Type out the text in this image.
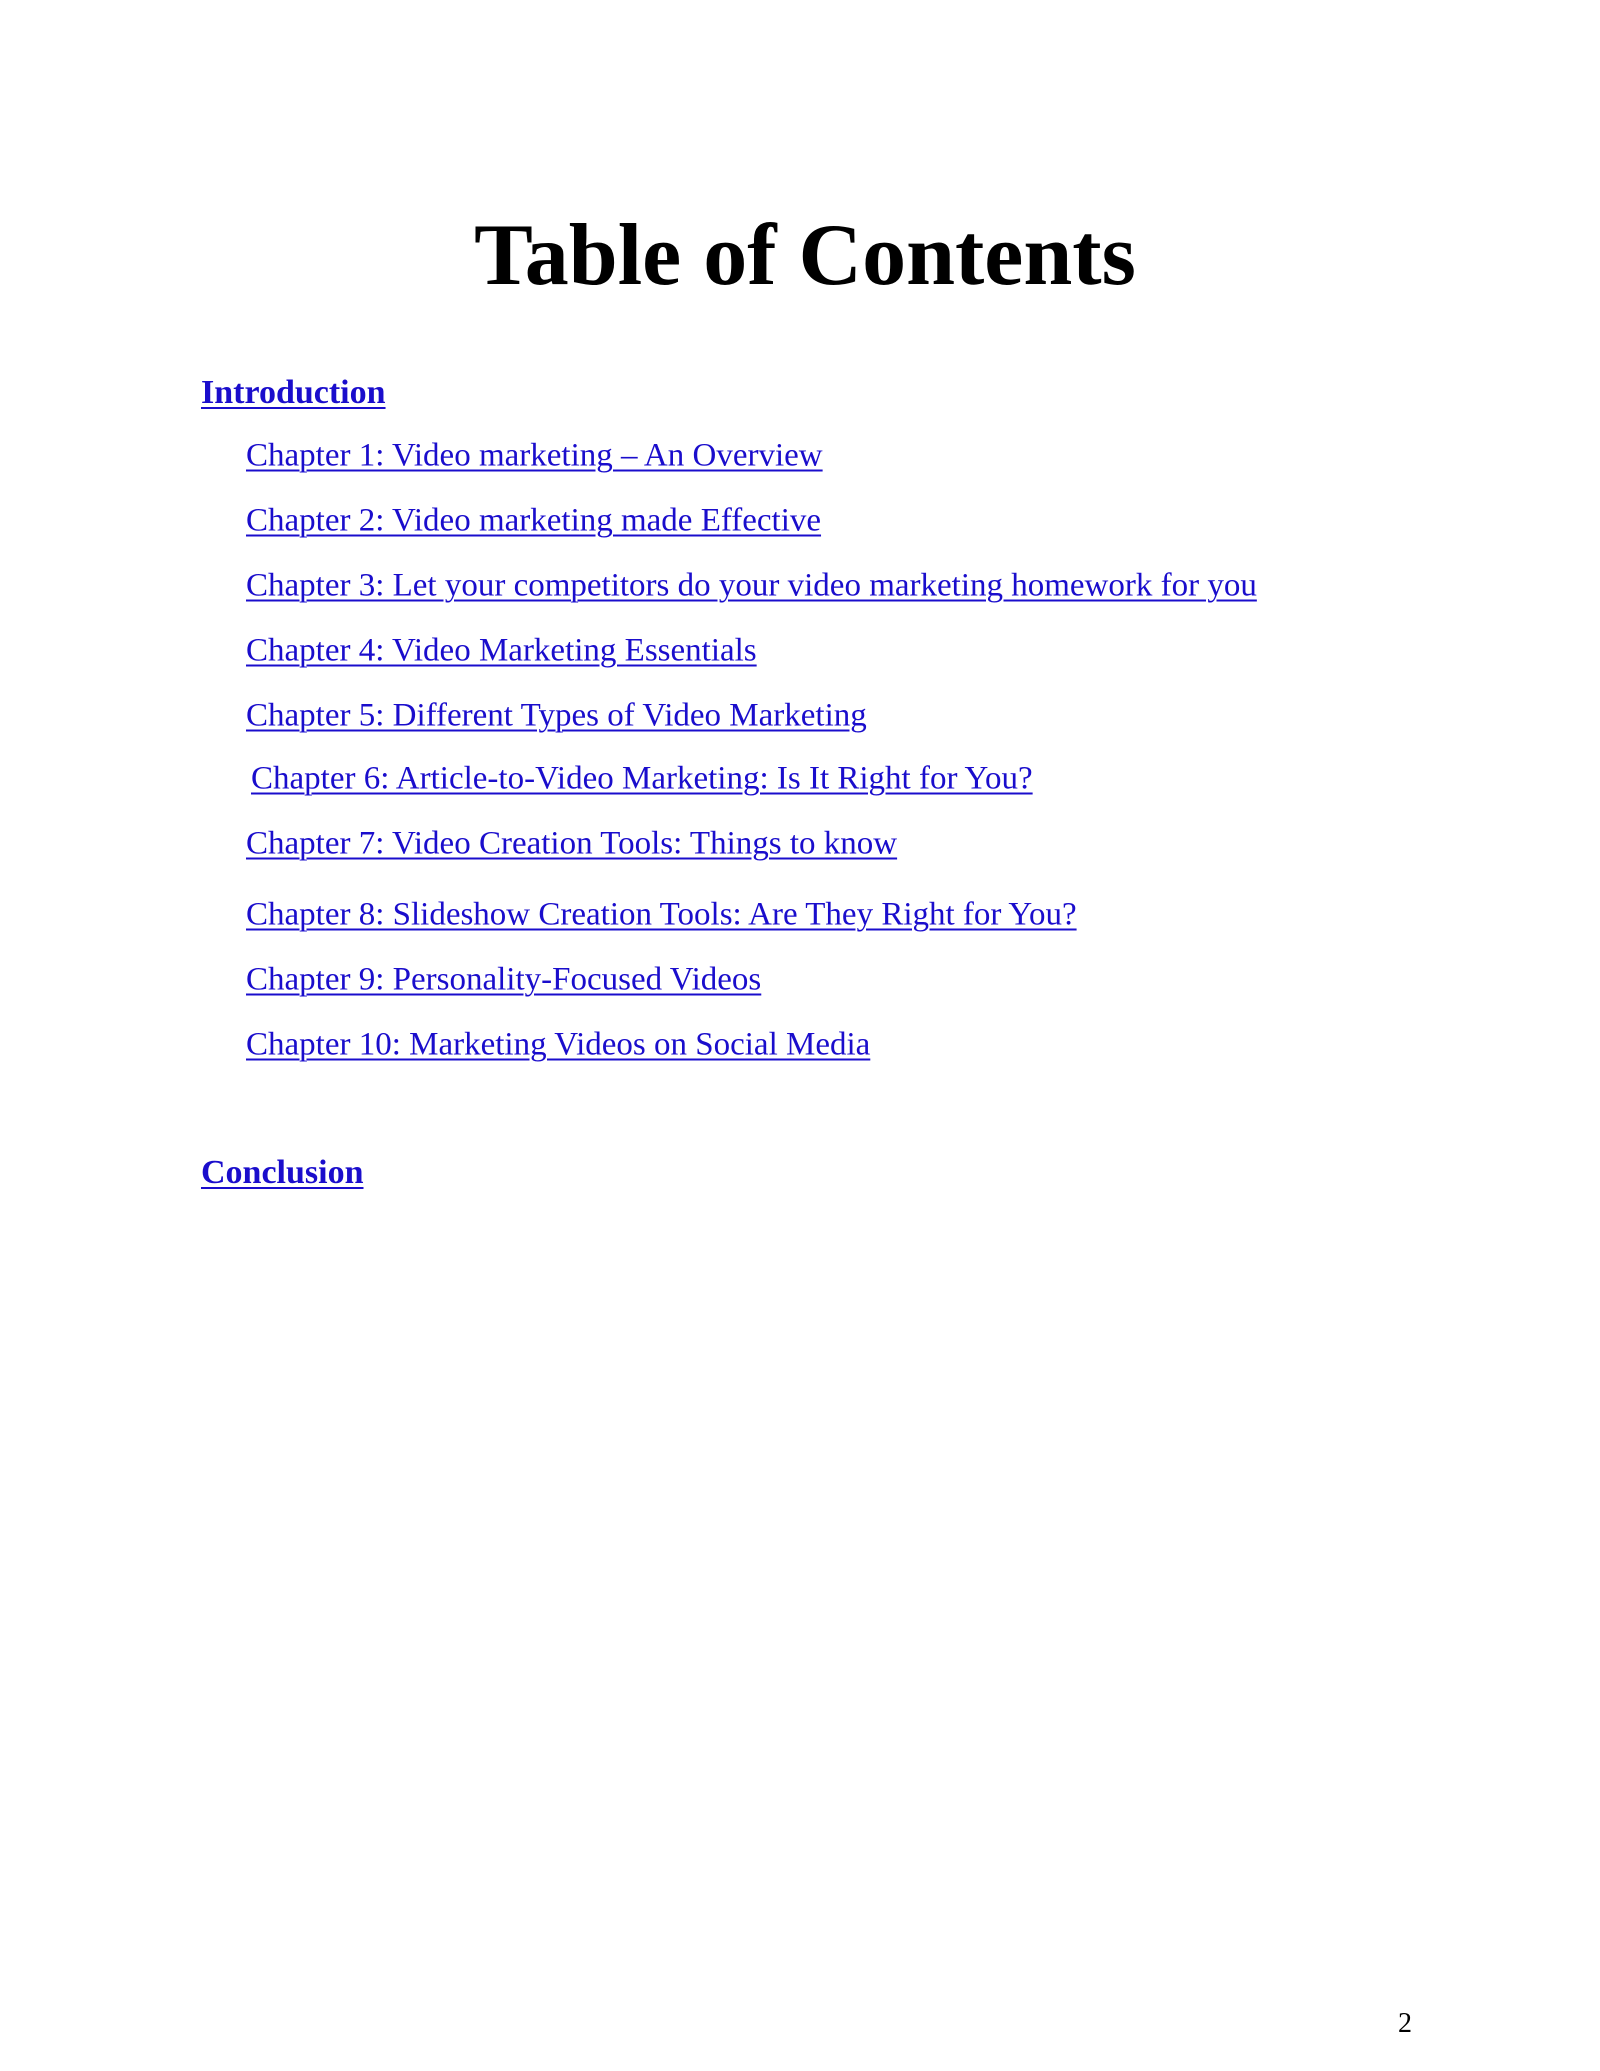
Table of Contents
Introduction
Chapter 1: Video marketing – An Overview
Chapter 2: Video marketing made Effective
Chapter 3: Let your competitors do your video marketing homework for you
Chapter 4: Video Marketing Essentials
Chapter 5: Different Types of Video Marketing
Chapter 6: Article-to-Video Marketing: Is It Right for You?
Chapter 7: Video Creation Tools: Things to know
Chapter 8: Slideshow Creation Tools: Are They Right for You?
Chapter 9: Personality-Focused Videos
Chapter 10: Marketing Videos on Social Media
Conclusion
2
